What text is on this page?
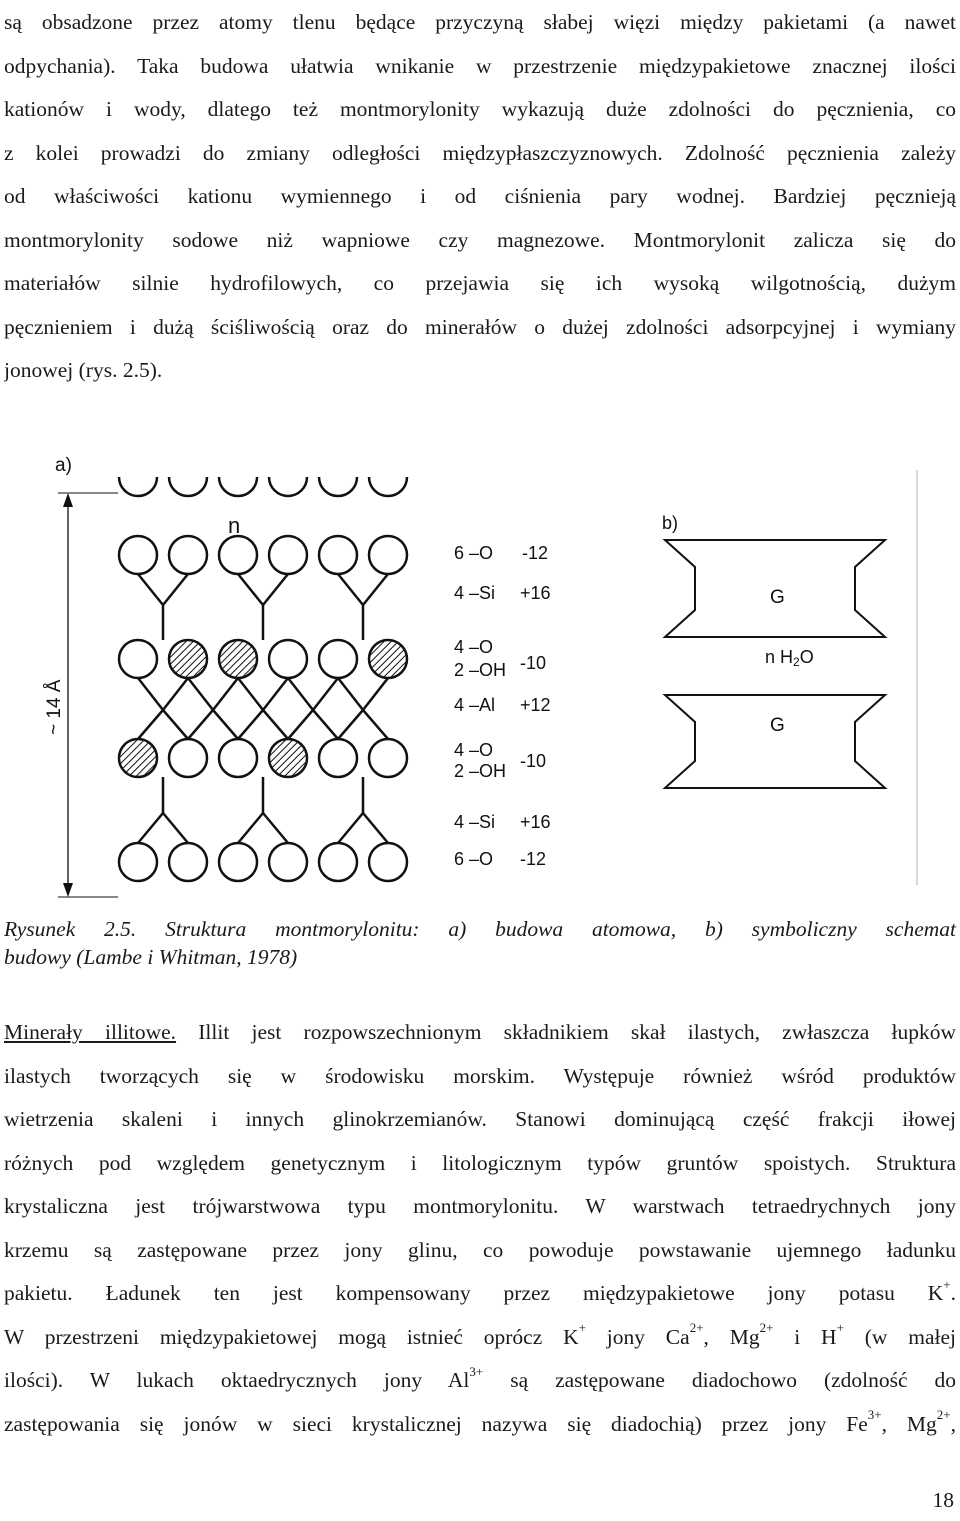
są obsadzone przez atomy tlenu będące przyczyną słabej więzi między pakietami (a nawet
odpychania). Taka budowa ułatwia wnikanie w przestrzenie międzypakietowe znacznej ilości
kationów i wody, dlatego też montmorylonity wykazują duże zdolności do pęcznienia, co
z kolei prowadzi do zmiany odległości międzypłaszczyznowych. Zdolność pęcznienia zależy
od właściwości kationu wymiennego i od ciśnienia pary wodnej. Bardziej pęcznieją
montmorylonity sodowe niż wapniowe czy magnezowe. Montmorylonit zalicza się do
materiałów silnie hydrofilowych, co przejawia się ich wysoką wilgotnością, dużym
pęcznieniem i dużą ściśliwością oraz do minerałów o dużej zdolności adsorpcyjnej i wymiany
jonowej (rys. 2.5).
a)
n
~ 14 Å
6 –O -12
4 –Si +16
4 –O
2 –OH -10
4 –Al +12
4 –O
2 –OH -10
4 –Si +16
6 –O -12
b)
G
n H2O
G
Rysunek 2.5. Struktura montmorylonitu: a) budowa atomowa, b) symboliczny schemat
budowy (Lambe i Whitman, 1978)
Minerały illitowe. Illit jest rozpowszechnionym składnikiem skał ilastych, zwłaszcza łupków
ilastych tworzących się w środowisku morskim. Występuje również wśród produktów
wietrzenia skaleni i innych glinokrzemianów. Stanowi dominującą część frakcji iłowej
różnych pod względem genetycznym i litologicznym typów gruntów spoistych. Struktura
krystaliczna jest trójwarstwowa typu montmorylonitu. W warstwach tetraedrychnych jony
krzemu są zastępowane przez jony glinu, co powoduje powstawanie ujemnego ładunku
pakietu. Ładunek ten jest kompensowany przez międzypakietowe jony potasu K+.
W przestrzeni międzypakietowej mogą istnieć oprócz K+ jony $Ca^{2+}$, $Mg^{2+}$ i H+ (w małej
ilości). W lukach oktaedrycznych jony $Al^{3+}$ są zastępowane diadochowo (zdolność do
zastępowania się jonów w sieci krystalicznej nazywa się diadochią) przez jony $Fe^{3+}$, $Mg^{2+}$,
18
